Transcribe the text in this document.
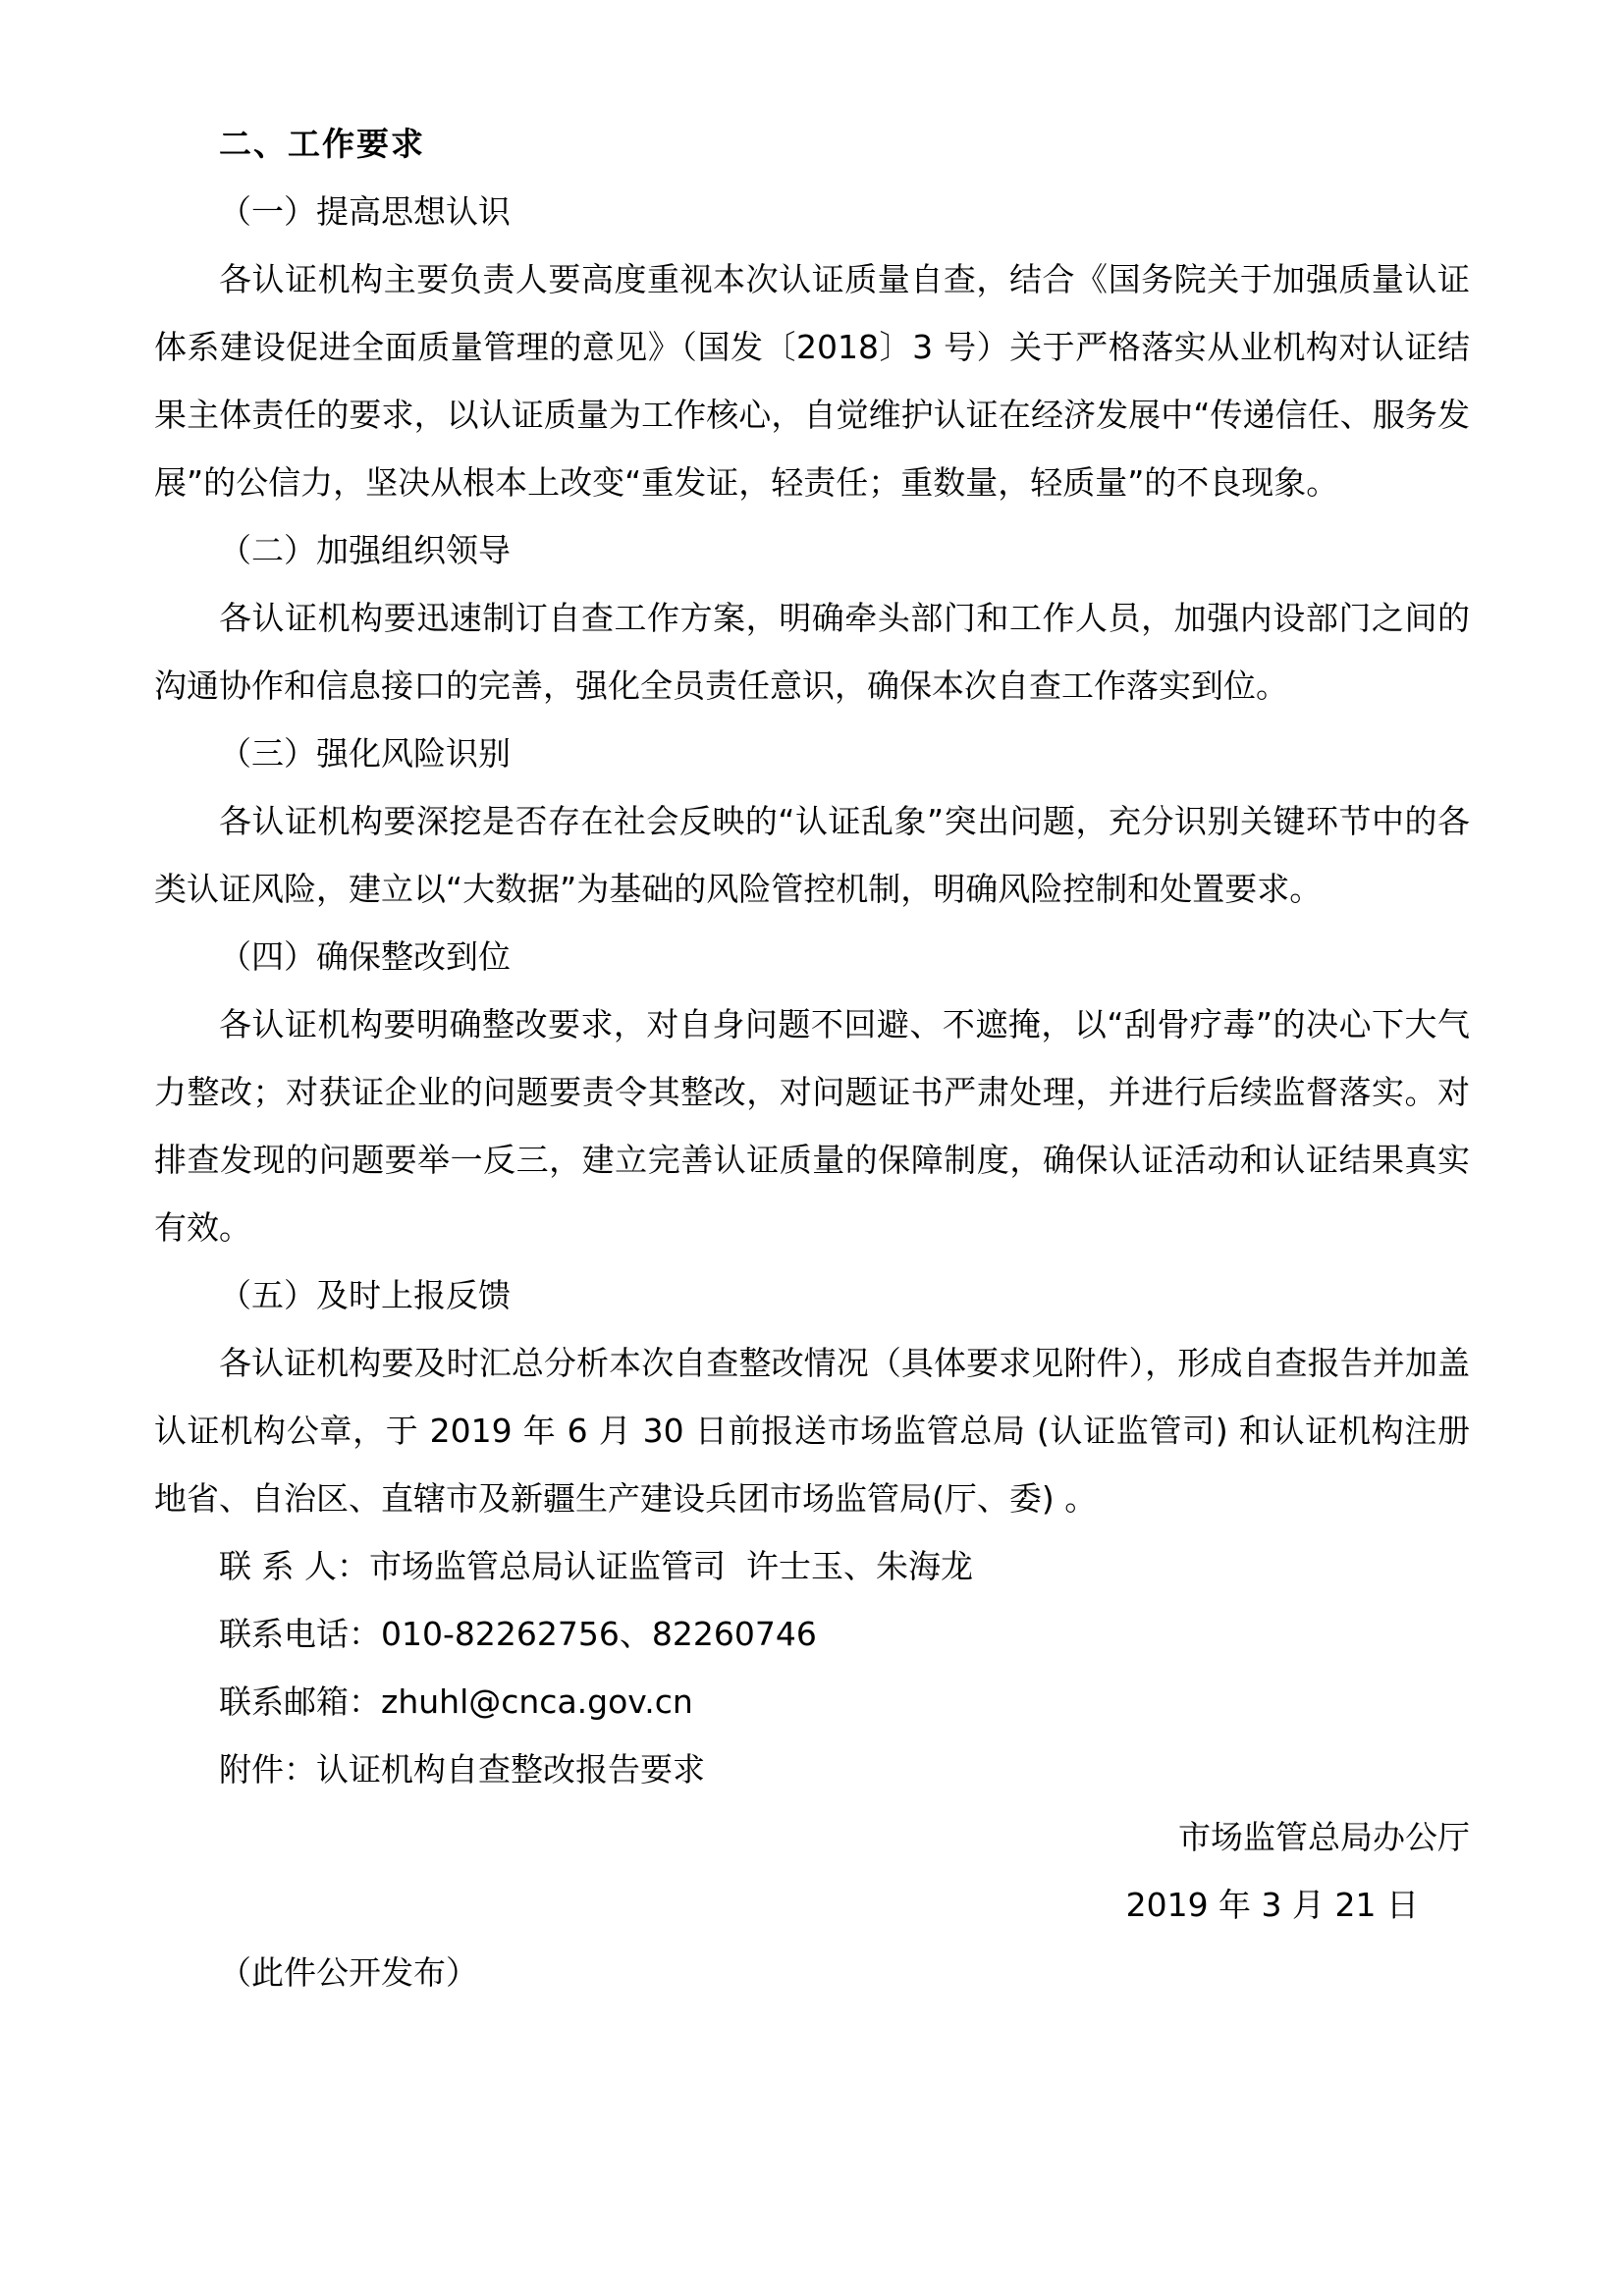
二、工作要求
（一）提高思想认识
各认证机构主要负责人要高度重视本次认证质量自查，结合《国务院关于加强质量认证体系建设促进全面质量管理的意见》（国发〔2018〕3 号）关于严格落实从业机构对认证结果主体责任的要求，以认证质量为工作核心，自觉维护认证在经济发展中“传递信任、服务发展”的公信力，坚决从根本上改变“重发证，轻责任；重数量，轻质量”的不良现象。
（二）加强组织领导
各认证机构要迅速制订自查工作方案，明确牵头部门和工作人员，加强内设部门之间的沟通协作和信息接口的完善，强化全员责任意识，确保本次自查工作落实到位。
（三）强化风险识别
各认证机构要深挖是否存在社会反映的“认证乱象”突出问题，充分识别关键环节中的各类认证风险，建立以“大数据”为基础的风险管控机制，明确风险控制和处置要求。
（四）确保整改到位
各认证机构要明确整改要求，对自身问题不回避、不遮掩，以“刮骨疗毒”的决心下大气力整改；对获证企业的问题要责令其整改，对问题证书严肃处理，并进行后续监督落实。对排查发现的问题要举一反三，建立完善认证质量的保障制度，确保认证活动和认证结果真实有效。
（五）及时上报反馈
各认证机构要及时汇总分析本次自查整改情况（具体要求见附件），形成自查报告并加盖认证机构公章，于 2019 年 6 月 30 日前报送市场监管总局 (认证监管司) 和认证机构注册地省、自治区、直辖市及新疆生产建设兵团市场监管局(厅、委) 。
联 系 人：市场监管总局认证监管司  许士玉、朱海龙
联系电话：010-82262756、82260746
联系邮箱：zhuhl@cnca.gov.cn
附件：认证机构自查整改报告要求
市场监管总局办公厅
2019 年 3 月 21 日
（此件公开发布）
